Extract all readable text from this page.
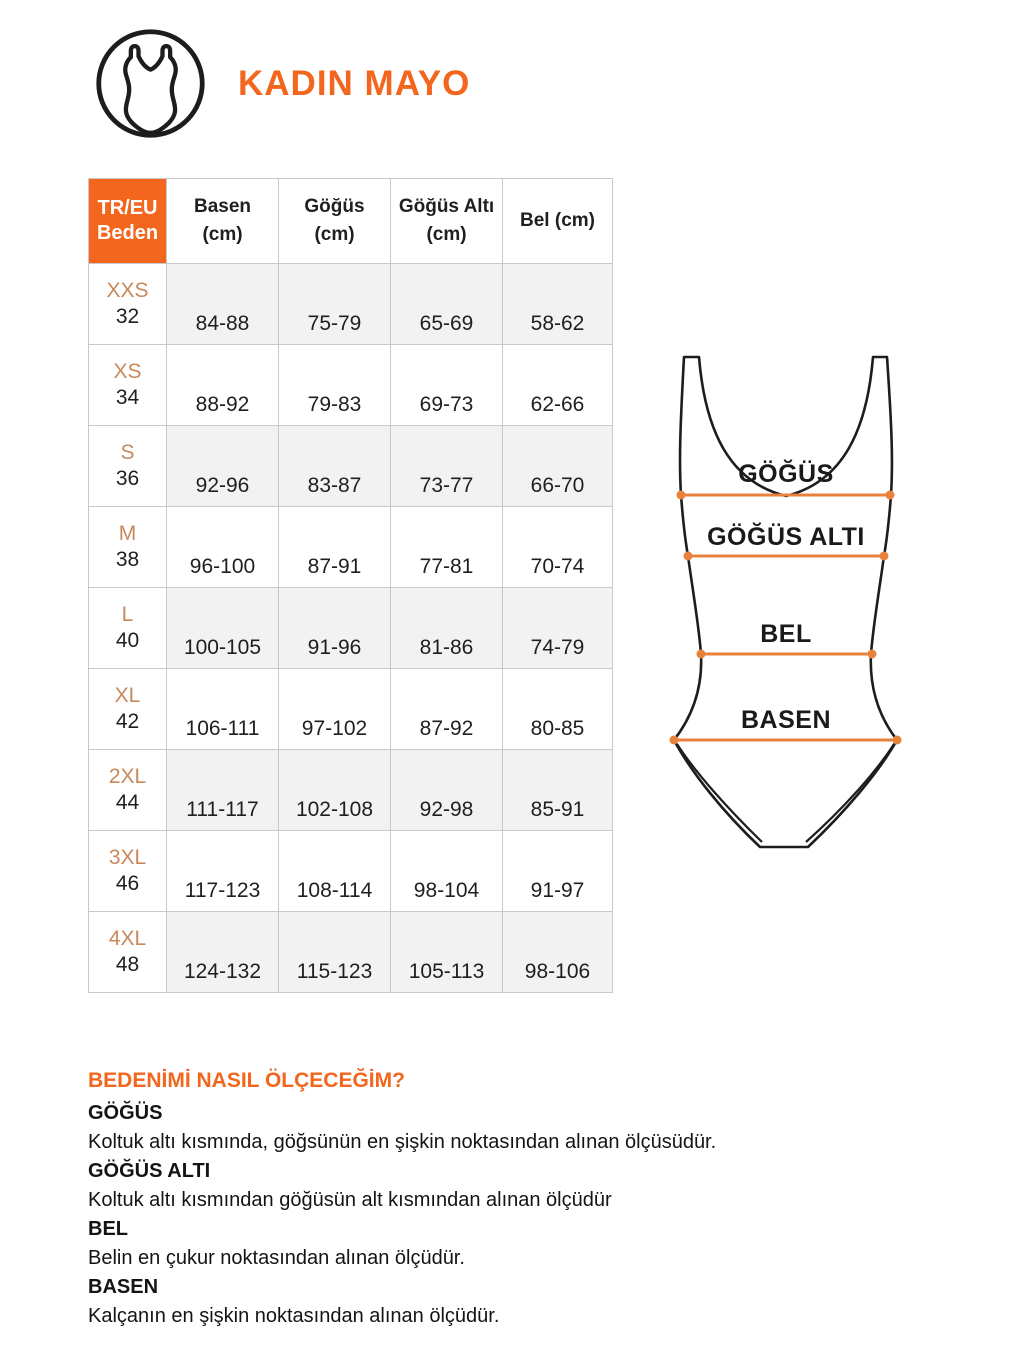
KADIN MAYO
TR/EU
Beden	Basen (cm)	Göğüs (cm)	Göğüs Altı (cm)	Bel (cm)

XXS
32	84-88	75-79	65-69	58-62

XS
34	88-92	79-83	69-73	62-66

S
36	92-96	83-87	73-77	66-70

M
38	96-100	87-91	77-81	70-74

L
40	100-105	91-96	81-86	74-79

XL
42	106-111	97-102	87-92	80-85

2XL
44	111-117	102-108	92-98	85-91

3XL
46	117-123	108-114	98-104	91-97

4XL
48	124-132	115-123	105-113	98-106
GÖĞÜS
GÖĞÜS ALTI
BEL
BASEN
BEDENİMİ NASIL ÖLÇECEĞİM?
GÖĞÜS
Koltuk altı kısmında, göğsünün en şişkin noktasından alınan ölçüsüdür.
GÖĞÜS ALTI
Koltuk altı kısmından göğüsün alt kısmından alınan ölçüdür
BEL
Belin en çukur noktasından alınan ölçüdür.
BASEN
Kalçanın en şişkin noktasından alınan ölçüdür.
